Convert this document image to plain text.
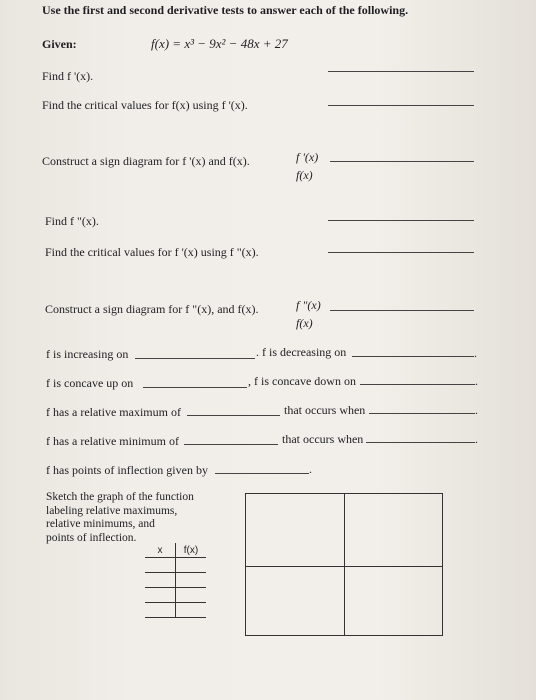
Use the first and second derivative tests to answer each of the following.
Given:	f(x) = x³ − 9x² − 48x + 27
Find f '(x).
Find the critical values for f(x) using f '(x).
Construct a sign diagram for f '(x) and f(x).	f '(x)
f(x)
Find f "(x).
Find the critical values for f '(x) using f "(x).
Construct a sign diagram for f "(x), and f(x).	f "(x)
f(x)
f is increasing on	. f is decreasing on	.
f is concave up on	, f is concave down on	.
f has a relative maximum of	that occurs when	.
f has a relative minimum of	that occurs when	.
f has points of inflection given by	.
Sketch the graph of the function
labeling relative maximums,
relative minimums, and
points of inflection.
x	f(x)
